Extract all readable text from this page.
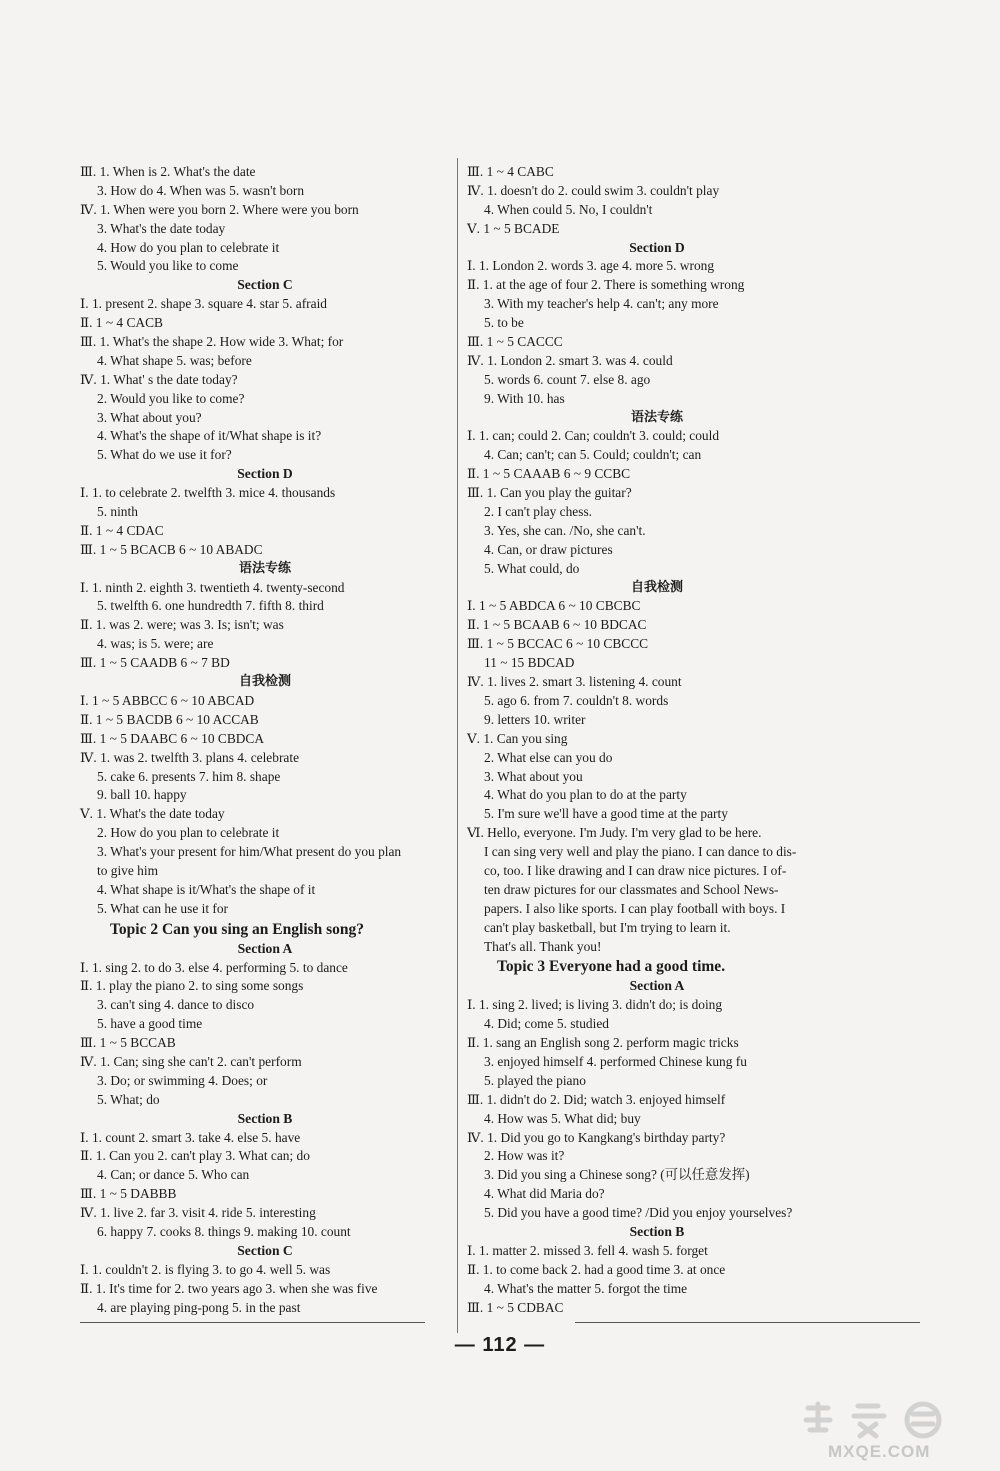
Ⅲ. 1. When is 2. What's the date
3. How do 4. When was 5. wasn't born
Ⅳ. 1. When were you born 2. Where were you born
3. What's the date today
4. How do you plan to celebrate it
5. Would you like to come
Section C
Ⅰ. 1. present 2. shape 3. square 4. star 5. afraid
Ⅱ. 1 ~ 4 CACB
Ⅲ. 1. What's the shape 2. How wide 3. What; for
4. What shape 5. was; before
Ⅳ. 1. What' s the date today?
2. Would you like to come?
3. What about you?
4. What's the shape of it/What shape is it?
5. What do we use it for?
Section D
Ⅰ. 1. to celebrate 2. twelfth 3. mice 4. thousands
5. ninth
Ⅱ. 1 ~ 4 CDAC
Ⅲ. 1 ~ 5 BCACB 6 ~ 10 ABADC
语法专练
Ⅰ. 1. ninth 2. eighth 3. twentieth 4. twenty-second
5. twelfth 6. one hundredth 7. fifth 8. third
Ⅱ. 1. was 2. were; was 3. Is; isn't; was
4. was; is 5. were; are
Ⅲ. 1 ~ 5 CAADB 6 ~ 7 BD
自我检测
Ⅰ. 1 ~ 5 ABBCC 6 ~ 10 ABCAD
Ⅱ. 1 ~ 5 BACDB 6 ~ 10 ACCAB
Ⅲ. 1 ~ 5 DAABC 6 ~ 10 CBDCA
Ⅳ. 1. was 2. twelfth 3. plans 4. celebrate
5. cake 6. presents 7. him 8. shape
9. ball 10. happy
Ⅴ. 1. What's the date today
2. How do you plan to celebrate it
3. What's your present for him/What present do you plan
to give him
4. What shape is it/What's the shape of it
5. What can he use it for
Topic 2 Can you sing an English song?
Section A
Ⅰ. 1. sing 2. to do 3. else 4. performing 5. to dance
Ⅱ. 1. play the piano 2. to sing some songs
3. can't sing 4. dance to disco
5. have a good time
Ⅲ. 1 ~ 5 BCCAB
Ⅳ. 1. Can; sing she can't 2. can't perform
3. Do; or swimming 4. Does; or
5. What; do
Section B
Ⅰ. 1. count 2. smart 3. take 4. else 5. have
Ⅱ. 1. Can you 2. can't play 3. What can; do
4. Can; or dance 5. Who can
Ⅲ. 1 ~ 5 DABBB
Ⅳ. 1. live 2. far 3. visit 4. ride 5. interesting
6. happy 7. cooks 8. things 9. making 10. count
Section C
Ⅰ. 1. couldn't 2. is flying 3. to go 4. well 5. was
Ⅱ. 1. It's time for 2. two years ago 3. when she was five
4. are playing ping-pong 5. in the past
Ⅲ. 1 ~ 4 CABC
Ⅳ. 1. doesn't do 2. could swim 3. couldn't play
4. When could 5. No, I couldn't
Ⅴ. 1 ~ 5 BCADE
Section D
Ⅰ. 1. London 2. words 3. age 4. more 5. wrong
Ⅱ. 1. at the age of four 2. There is something wrong
3. With my teacher's help 4. can't; any more
5. to be
Ⅲ. 1 ~ 5 CACCC
Ⅳ. 1. London 2. smart 3. was 4. could
5. words 6. count 7. else 8. ago
9. With 10. has
语法专练
Ⅰ. 1. can; could 2. Can; couldn't 3. could; could
4. Can; can't; can 5. Could; couldn't; can
Ⅱ. 1 ~ 5 CAAAB 6 ~ 9 CCBC
Ⅲ. 1. Can you play the guitar?
2. I can't play chess.
3. Yes, she can. /No, she can't.
4. Can, or draw pictures
5. What could, do
自我检测
Ⅰ. 1 ~ 5 ABDCA 6 ~ 10 CBCBC
Ⅱ. 1 ~ 5 BCAAB 6 ~ 10 BDCAC
Ⅲ. 1 ~ 5 BCCAC 6 ~ 10 CBCCC
11 ~ 15 BDCAD
Ⅳ. 1. lives 2. smart 3. listening 4. count
5. ago 6. from 7. couldn't 8. words
9. letters 10. writer
Ⅴ. 1. Can you sing
2. What else can you do
3. What about you
4. What do you plan to do at the party
5. I'm sure we'll have a good time at the party
Ⅵ. Hello, everyone. I'm Judy. I'm very glad to be here.
I can sing very well and play the piano. I can dance to dis-
co, too. I like drawing and I can draw nice pictures. I of-
ten draw pictures for our classmates and School News-
papers. I also like sports. I can play football with boys. I
can't play basketball, but I'm trying to learn it.
That's all. Thank you!
Topic 3 Everyone had a good time.
Section A
Ⅰ. 1. sing 2. lived; is living 3. didn't do; is doing
4. Did; come 5. studied
Ⅱ. 1. sang an English song 2. perform magic tricks
3. enjoyed himself 4. performed Chinese kung fu
5. played the piano
Ⅲ. 1. didn't do 2. Did; watch 3. enjoyed himself
4. How was 5. What did; buy
Ⅳ. 1. Did you go to Kangkang's birthday party?
2. How was it?
3. Did you sing a Chinese song? (可以任意发挥)
4. What did Maria do?
5. Did you have a good time? /Did you enjoy yourselves?
Section B
Ⅰ. 1. matter 2. missed 3. fell 4. wash 5. forget
Ⅱ. 1. to come back 2. had a good time 3. at once
4. What's the matter 5. forgot the time
Ⅲ. 1 ~ 5 CDBAC
— 112 —
MXQE.COM
